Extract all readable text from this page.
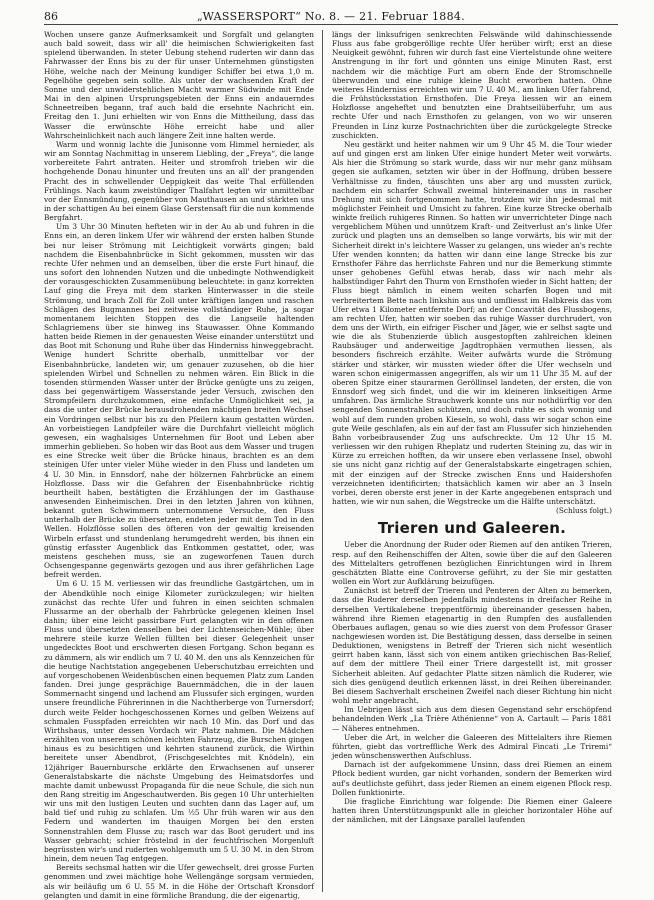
86	„WASSERSPORT“ No. 8. — 21. Februar 1884.

Wochen unsere ganze Aufmerksamkeit und Sorgfalt und gelangten auch bald soweit, dass wir all' die heimischen Schwierigkeiten fast spielend überwanden. In steter Uebung stehend ruderten wir dann das Fahrwasser der Enns bis zu der für unser Unternehmen günstigsten Höhe, welche nach der Meinung kundiger Schiffer bei etwa 1,0 m. Pegelhöhe gegeben sein sollte. Als unter der wachsenden Kraft der Sonne und der unwiderstehlichen Macht warmer Südwinde mit Ende Mai in den alpinen Ursprungsgebieten der Enns ein andauerndes Schneetreiben begann, traf auch bald die ersehnte Nachricht ein. Freitag den 1. Juni erhielten wir von Enns die Mittheilung, dass das Wasser die erwünschte Höhe erreicht habe und aller Wahrscheinlichkeit nach auch längere Zeit inne halten werde.

Warm und wonnig lachte die Junisonne vom Himmel hernieder, als wir am Sonntag Nachmittag in unserem Liebling, der „Freya“, die lange vorbereitete Fahrt antraten. Heiter und stromfroh trieben wir die hochgehende Donau hinunter und freuten uns an all' der prangenden Pracht des in schwellender Ueppigkeit das weite Thal erfüllenden Frühlings. Nach kaum zweistündiger Thalfahrt legten wir unmittelbar vor der Ennsmündung, gegenüber von Mauthausen an und stärkten uns in der schattigen Au bei einem Glase Gerstensaft für die nun kommende Bergfahrt.

Um 3 Uhr 30 Minuten hefteten wir in der Au ab und fuhren in die Enns ein, an deren linkem Ufer wir während der ersten halben Stunde bei nur leiser Strömung mit Leichtigkeit vorwärts gingen; bald nachdem die Eisenbahnbrücke in Sicht gekommen, mussten wir das rechte Ufer nehmen und an demselben, über die erste Furt hinauf, die uns sofort den lohnenden Nutzen und die unbedingte Nothwendigkeit der vorausgeschickten Zusammenübung beleuchtete: in ganz korrekten Lauf ging die Freya mit dem starken Hinterwasser in die steile Strömung, und brach Zoll für Zoll unter kräftigen langen und raschen Schlägen des Bugmannes bei zeitweise vollständiger Ruhe, ja sogar momentanem leichten Stoppen des die Langseile haltenden Schlagriemens über sie hinweg ins Stauwasser. Ohne Kommando hatten beide Riemen in der genauesten Weise einander unterstützt und das Boot mit Schonung und Ruhe über das Hinderniss hinweggebracht. Wenige hundert Schritte oberhalb, unmittelbar vor der Eisenbahnbrücke, landeten wir, um genauer zuzusehen, ob die hier spielenden Wirbel und Schnellen zu nehmen wären. Ein Blick in die tosenden stürmenden Wasser unter der Brücke genügte uns zu zeigen, dass bei gegenwärtigem Wasserstande jeder Versuch, zwischen den Strompfeilern durchzukommen, eine einfache Unmöglichkeit sei, ja dass die unter der Brücke herausdrohenden mächtigen breiten Wechsel ein Vordringen selbst nur bis zu den Pfeilern kaum gestatten würden. An vorbeistiegen Landpfeiler wäre die Durchfahrt vielleicht möglich gewesen, ein waghalsiges Unternehmen für Boot und Leben aber immerhin geblieben. So hoben wir das Boot aus dem Wasser und trugen es eine Strecke weit über die Brücke hinaus, brachten es an dem steinigen Ufer unter vieler Mühe wieder in den Fluss und landeten um 4 U. 30 Min. in Ennsdorf, nahe der hölzernen Fahrbrücke an einem Holzflosse. Dass wir die Gefahren der Eisenbahnbrücke richtig beurtheilt haben, bestätigten die Erzählungen der im Gasthause anwesenden Einheimischen. Drei in den letzten Jahren von kühnen, bekannt guten Schwimmern unternommene Versuche, den Fluss unterhalb der Brücke zu übersetzen, endeten jeder mit dem Tod in den Wellen. Holzflösse sollen des öfteren von der gewaltig kreisenden Wirbeln erfasst und stundenlang herumgedreht werden, bis ihnen ein günstig erfasster Augenblick das Entkommen gestattet, oder, was meistens geschehen muss, sie an zugeworfenen Tauen durch Ochsengespanne gegenwärts gezogen und aus ihrer gefährlichen Lage befreit werden.

Um 6 U. 15 M. verliessen wir das freundliche Gastgärtchen, um in der Abendkühle noch einige Kilometer zurückzulegen; wir hielten zunächst das rechte Ufer und fuhren in einen seichten schmalen Flussarme an der oberhalb der Fahrbrücke gelegenen kleinen Insel dahin; über eine leicht passirbare Furt gelangten wir in den offenen Fluss und übersetzten denselben bei der Lichtenseichen-Mühle; über mehrere steile kurze Wellen füllten bei dieser Gelegenheit unser ungedecktes Boot und erschwerten diesen Fortgang. Schon begann es zu dämmern, als wir endlich um 7 U. 40 M. den uns als Kennzeichen für die heutige Nachtstation angegebenen Ueberschutzbau erreichten und auf vorgeschobenen Weidenbüschen einen bequemen Platz zum Landen fanden. Drei junge gesprächige Bauernmädchen, die in der lauen Sommernacht singend und lachend am Flussufer sich ergingen, wurden unsere freundliche Führerinnen in die Nachtherberge von Turnersdorf; durch weite Felder hochgeschossenen Kornes und gelben Weizens auf schmalen Fusspfaden erreichten wir nach 10 Min. das Dorf und das Wirthshaus, unter dessen Vordach wir Platz nahmen. Die Mädchen erzählten von unserem schönen leichten Fahrzeug, die Burschen gingen hinaus es zu besichtigen und kehrten staunend zurück, die Wirthin bereitete unser Abendbrot, (Frischgeselchtes mit Knödeln), ein 12jähriger Bauernbursche erklärte den Erwachsenen auf unserer Generalstabskarte die nächste Umgebung des Heimatsdorfes und machte damit unbewusst Propaganda für die neue Schule, die sich nun den Rang streitig im Angeschautwerden. Bis gegen 10 Uhr unterhielten wir uns mit den lustigen Leuten und suchten dann das Lager auf, um bald tief und ruhig zu schlafen. Um ½5 Uhr früh waren wir aus den Federn und wanderten im thauigen Morgen bei den ersten Sonnenstrahlen dem Flusse zu; rasch war das Boot gerudert und ins Wasser gebracht; schier fröstelnd in der feuchtfrischen Morgenluft begrüssten wir's und ruderten wohlgemuth um 5 U. 30 M. in den Strom hinein, dem neuen Tag entgegen.

Bereits sechsmal hatten wir die Ufer gewechselt, drei grosse Furten genommen und zwei mächtige hohe Wellengänge sorgsam vermieden, als wir beiläufig um 6 U. 55 M. in die Höhe der Ortschaft Kronsdorf gelangten und damit in eine förmliche Brandung, die der eigenartig,

längs der linksufrigen senkrechten Felswände wild dahinschiessende Fluss aus fabe grobgeröllige rechte Ufer herüber wirft; erst an diese Neuigkeit gewöhnt, fuhren wir durch fast eine Viertelstunde ohne weitere Anstrengung in ihr fort und gönnten uns einige Minuten Rast, erst nachdem wir die mächtige Furt am obern Ende der Stromschnelle überwunden und eine ruhige kleine Bucht erworben hatten. Ohne weiteres Hinderniss erreichten wir um 7 U. 40 M., am linken Ufer fahrend, die Frühstücksstation Ernsthofen. Die Freya liessen wir an einem Holzflosse angeheftet und benutzten eine Drahtseilüberfuhr, um aus rechte Ufer und nach Ernsthofen zu gelangen, von wo wir unseren Freunden in Linz kurze Postnachrichten über die zurückgelegte Strecke zuschickten.

Neu gestärkt und heiter nahmen wir um 9 Uhr 45 M. die Tour wieder auf und gingen erst am linken Ufer einige hundert Meter weit vorwärts. Als hier die Strömung so stark wurde, dass wir nur mehr ganz mühsam gegen sie aufkamen, setzten wir über in der Hoffnung, drüben bessere Verhältnisse zu finden, täuschten uns aber arg und mussten zurück, nachdem ein scharfer Schwall zweimal hintereinander uns in rascher Drehung mit sich fortgenommen hatte, trotzdem wir ihn jedesmal mit möglichster Feinheit und Umsicht zu fahren. Eine kurze Strecke oberhalb winkte freilich ruhigeres Rinnen. So hatten wir unverrichteter Dinge nach vergeblichem Mühen und unnützem Kraft- und Zeitverlust an's linke Ufer zurück und plagten uns an demselben so lange vorwärts, bis wir mit der Sicherheit direkt in's leichtere Wasser zu gelangen, uns wieder an's rechte Ufer wenden konnten; da hatten wir dann eine lange Strecke bis zur Ernsthofer Fähre das herrlichste Fahren und nur die Bemerkung stimmte unser gehobenes Gefühl etwas herab, dass wir nach mehr als halbstündiger Fahrt den Thurm von Ernsthofen wieder in Sicht hatten; der Fluss biegt nämlich in einem weiten scharfen Bogen und mit verbreitertem Bette nach linkshin aus und umfliesst im Halbkreis das vom Ufer etwa 1 Kilometer entfernte Dorf; an der Concavität des Flussbogens, am rechten Ufer, hatten wir soeben das ruhige Wasser durchrudert, von dem uns der Wirth, ein eifriger Fischer und Jäger, wie er selbst sagte und wie die als Stubenzierde üblich ausgestopften zahlreichen kleinen Raubsäuger und anderweitige Jagdtrophäen vermuthen liessen, als besonders fischreich erzählte. Weiter aufwärts wurde die Strömung stärker und stärker, wir mussten wieder öfter die Ufer wechseln und waren schon einigermassen angegriffen, als wir um 11 Uhr 35 M. auf der oberen Spitze einer staurarmen Geröllinsel landeten, der ersten, die von Ennsdorf weg sich findet, und die wir im kleineren linkseitigen Arme umfahren. Das ärmliche Strauchwerk konnte uns nur nothdürftig vor den sengenden Sonnenstrahlen schützen, und doch ruhte es sich wonnig und wohl auf dem runden groben Kieseln, so wohl, dass wir sogar schon eine gute Weile geschlafen, als ein auf der fast am Flussufer sich hinziehenden Bahn vorbeibrausender Zug uns aufschreckte. Um 12 Uhr 15 M. verliessen wir den ruhigen Rheplatz und ruderten Steining zu, das wir in Kürze zu erreichen hofften, da wir unsere eben verlassene Insel, obwohl sie uns nicht ganz richtig auf der Generalstabskarte eingetragen schien, mit der einzigen auf der Strecke zwischen Enns und Haidershofen verzeichneten identificirten; thatsächlich kamen wir aber an 3 Inseln vorbei, deren oberste erst jener in der Karte angegebenen entsprach und hatten, wie wir nun sahen, die Wegstrecke um die Hälfte unterschätzt.

(Schluss folgt.)

Trieren und Galeeren.

Ueber die Anordnung der Ruder oder Riemen auf den antiken Trieren, resp. auf den Reihenschiffen der Alten, sowie über die auf den Galeeren des Mittelalters getroffenen bezüglichen Einrichtungen wird in Ihrem geschätzten Blatte eine Controverse geführt, zu der Sie mir gestatten wollen ein Wort zur Aufklärung beizufügen.

Zunächst ist betreff der Trieren und Penteren der Alten zu bemerken, dass die Ruderer derselben jedenfalls mindestens in dreifacher Reihe in derselben Vertikalebene treppentförmig übereinander gesessen haben, während ihre Riemen etagenartig in den Rumpfen des ausfallenden Oberbaues auflagen, genau so wie dies zuerst von dem Professor Graser nachgewiesen worden ist. Die Bestätigung dessen, dass derselbe in seinen Deduktionen, wenigstens in Betreff der Trieren sich nicht wesentlich geirrt haben kann, lässt sich von einem antiken griechischen Bas-Relief, auf dem der mittlere Theil einer Triere dargestellt ist, mit grosser Sicherheit ableiten. Auf gedachter Platte sitzen nämlich die Ruderer, wie sich dies genügend deutlich erkennen lässt, in drei Reihen übereinander. Bei diesem Sachverhalt erscheinen Zweifel nach dieser Richtung hin nicht wohl mehr angebracht.

Im Uebrigen lässt sich aus dem diesen Gegenstand sehr erschöpfend behandelnden Werk „La Trière Athénienne“ von A. Cartault — Paris 1881 — Näheres entnehmen.

Ueber die Art, in welcher die Galeeren des Mittelalters ihre Riemen führten, giebt das vortreffliche Werk des Admiral Fincati „Le Triremi“ jeden wünschenswerthen Aufschluss.

Darnach ist der aufgekommene Unsinn, dass drei Riemen an einem Pflock bedient wurden, gar nicht vorhanden, sondern der Bemerken wird auf's deutlichste geführt, dass jeder Riemen an einem eigenen Pflock resp. Dollen funktionirte.

Die fragliche Einrichtung war folgende: Die Riemen einer Galeere hatten ihren Unterstützungspunkt alle in gleicher horizontaler Höhe auf der nämlichen, mit der Längsaxe parallel laufenden
